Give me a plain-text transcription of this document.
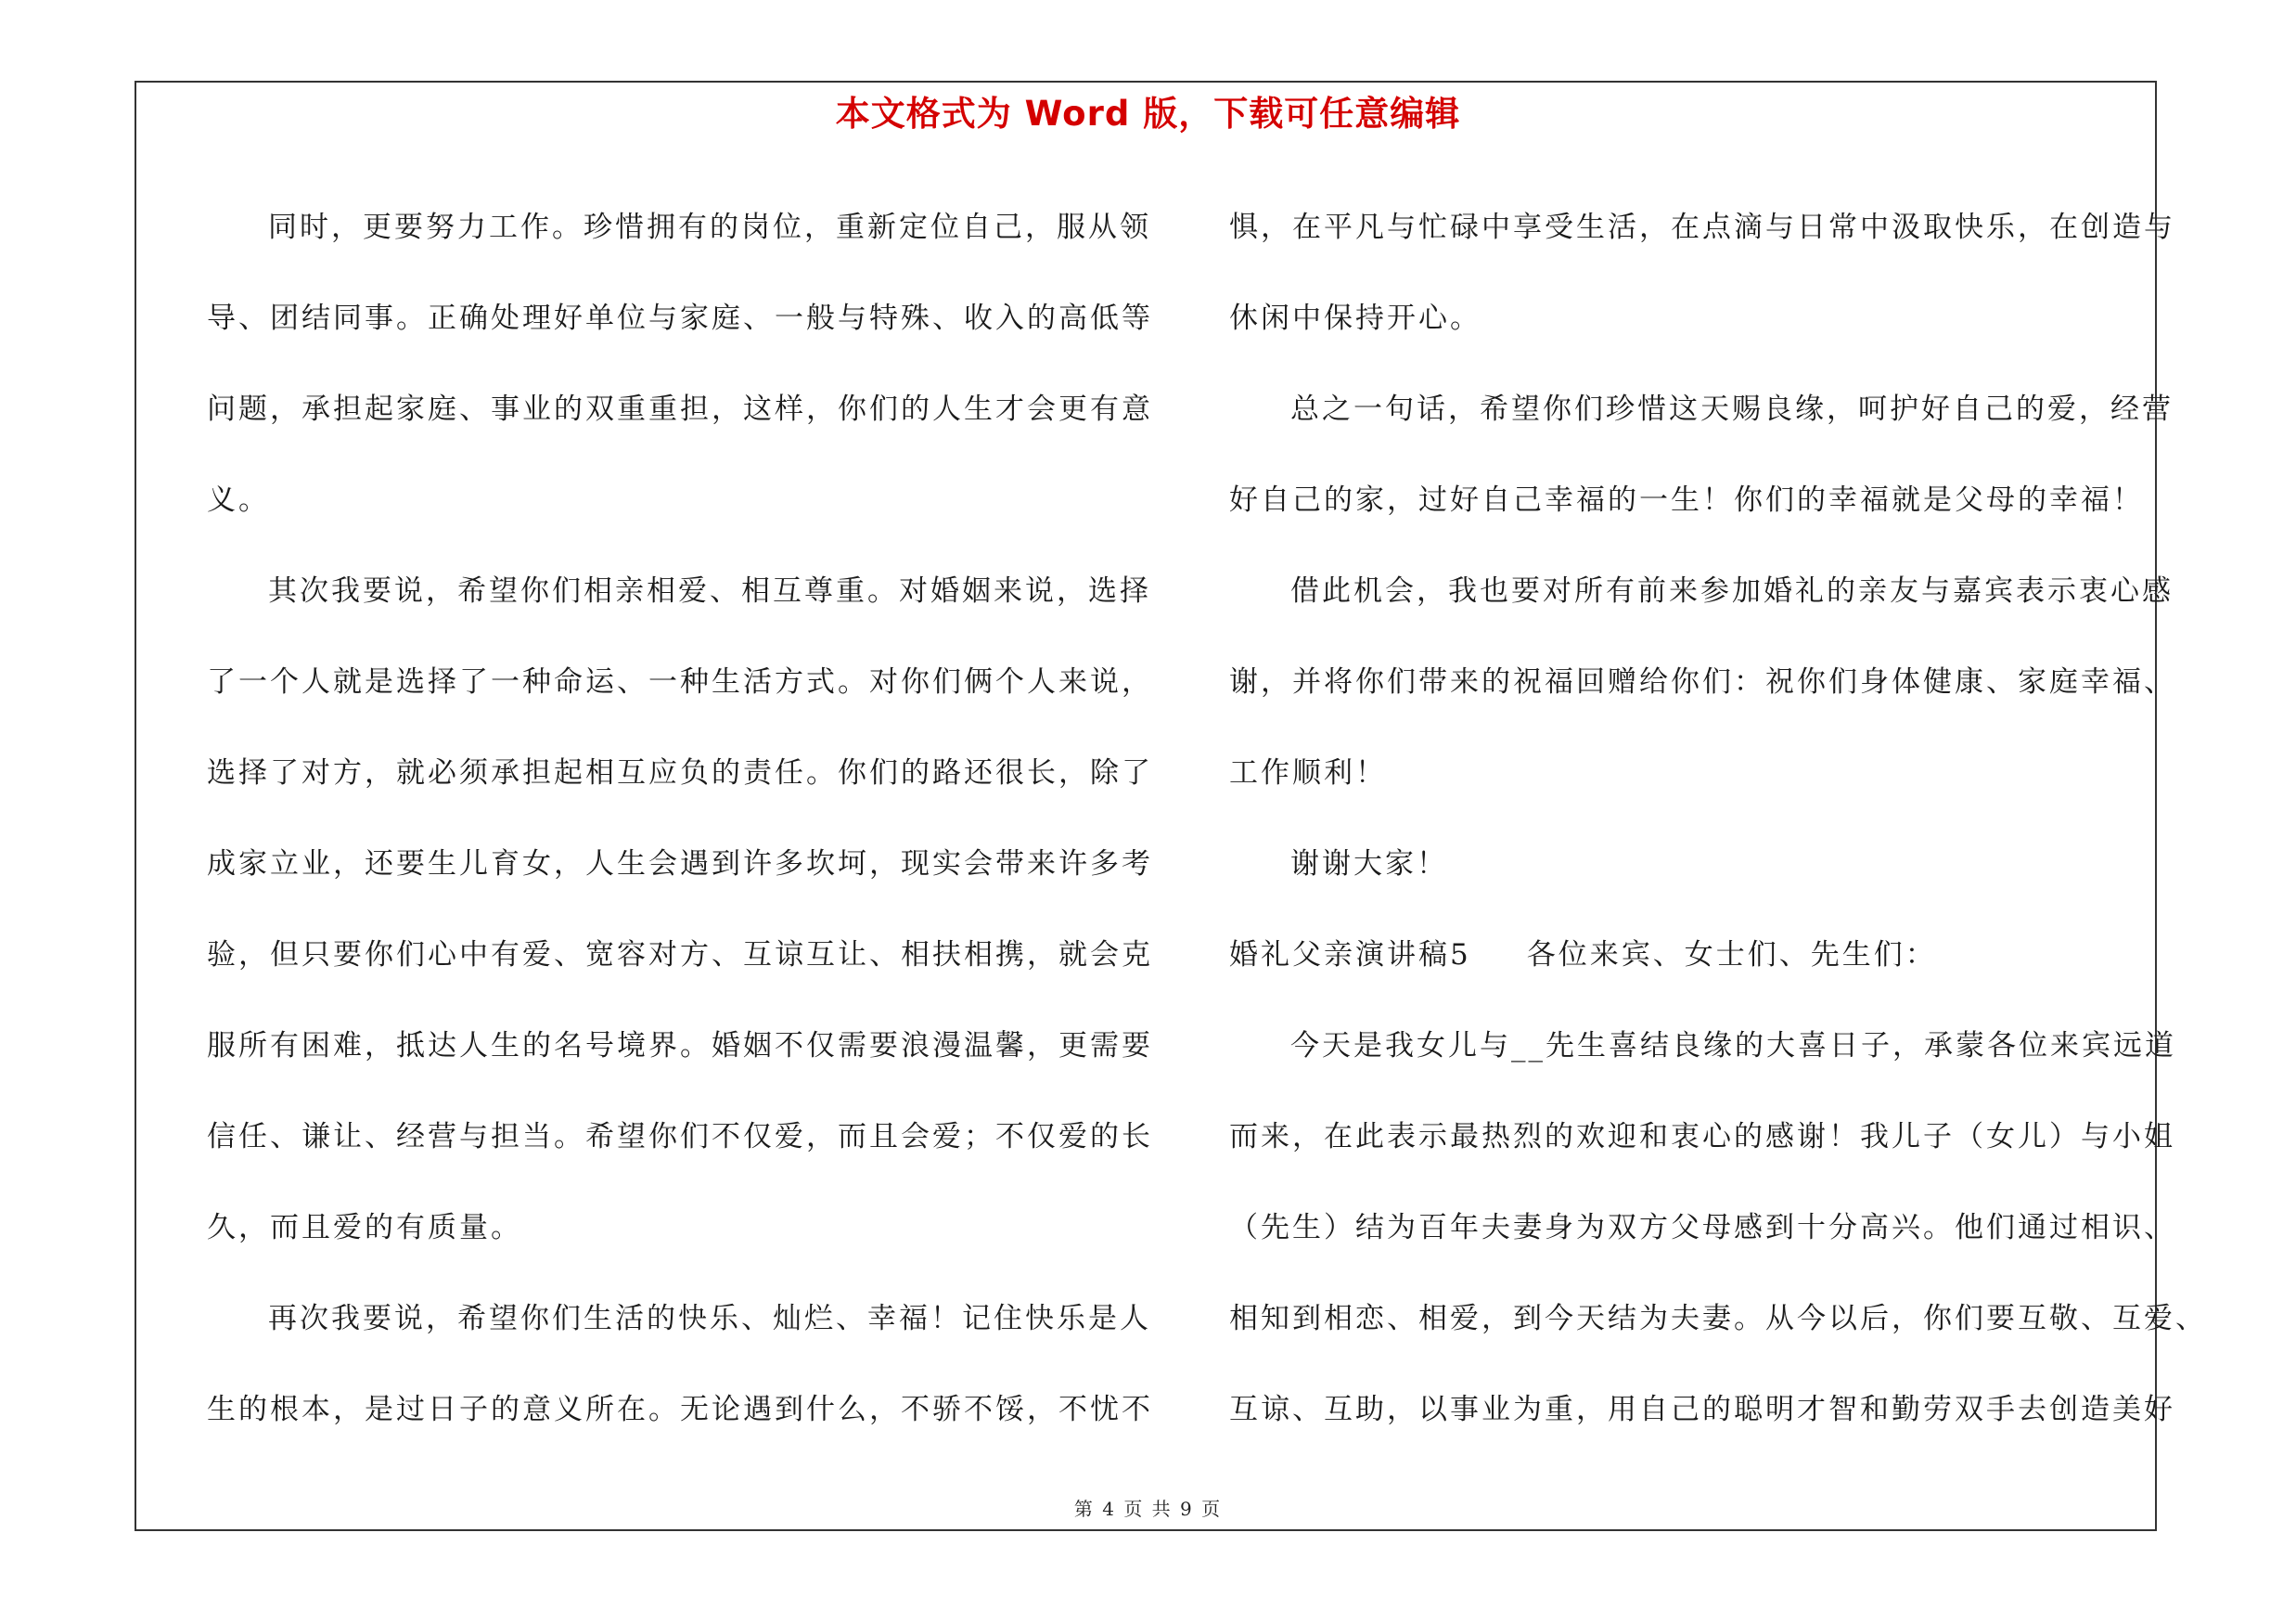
本文格式为 Word 版，下载可任意编辑
同时，更要努力工作。珍惜拥有的岗位，重新定位自己，服从领
导、团结同事。正确处理好单位与家庭、一般与特殊、收入的高低等
问题，承担起家庭、事业的双重重担，这样，你们的人生才会更有意
义。
其次我要说，希望你们相亲相爱、相互尊重。对婚姻来说，选择
了一个人就是选择了一种命运、一种生活方式。对你们俩个人来说，
选择了对方，就必须承担起相互应负的责任。你们的路还很长，除了
成家立业，还要生儿育女，人生会遇到许多坎坷，现实会带来许多考
验，但只要你们心中有爱、宽容对方、互谅互让、相扶相携，就会克
服所有困难，抵达人生的名号境界。婚姻不仅需要浪漫温馨，更需要
信任、谦让、经营与担当。希望你们不仅爱，而且会爱；不仅爱的长
久，而且爱的有质量。
再次我要说，希望你们生活的快乐、灿烂、幸福！记住快乐是人
生的根本，是过日子的意义所在。无论遇到什么，不骄不馁，不忧不
惧，在平凡与忙碌中享受生活，在点滴与日常中汲取快乐，在创造与
休闲中保持开心。
总之一句话，希望你们珍惜这天赐良缘，呵护好自己的爱，经营
好自己的家，过好自己幸福的一生！你们的幸福就是父母的幸福！
借此机会，我也要对所有前来参加婚礼的亲友与嘉宾表示衷心感
谢，并将你们带来的祝福回赠给你们：祝你们身体健康、家庭幸福、
工作顺利！
谢谢大家！
婚礼父亲演讲稿5 各位来宾、女士们、先生们：
今天是我女儿与__先生喜结良缘的大喜日子，承蒙各位来宾远道
而来，在此表示最热烈的欢迎和衷心的感谢！我儿子（女儿）与小姐
（先生）结为百年夫妻身为双方父母感到十分高兴。他们通过相识、
相知到相恋、相爱，到今天结为夫妻。从今以后，你们要互敬、互爱、
互谅、互助，以事业为重，用自己的聪明才智和勤劳双手去创造美好
第 4 页 共 9 页
